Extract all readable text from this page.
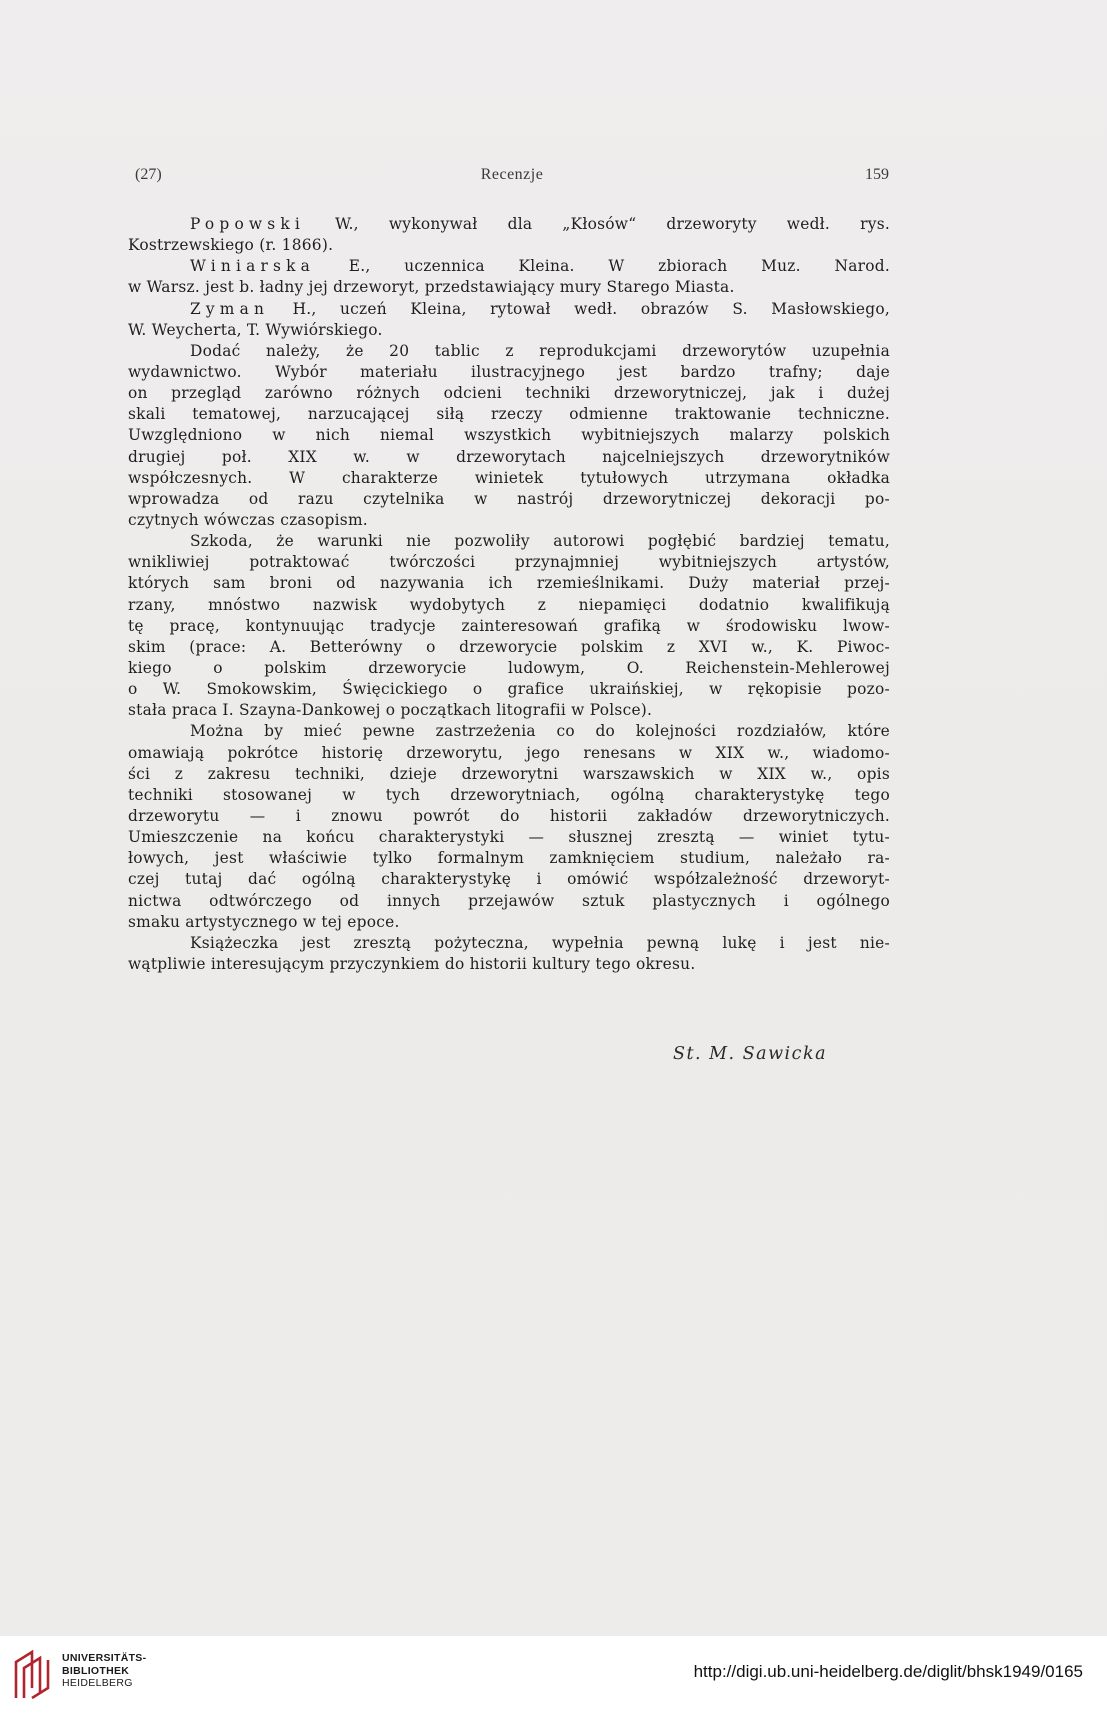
(27)	Recenzje	159
Popowski W., wykonywał dla „Kłosów“ drzeworyty wedł. rys.
Kostrzewskiego (r. 1866).
Winiarska E., uczennica Kleina. W zbiorach Muz. Narod.
w Warsz. jest b. ładny jej drzeworyt, przedstawiający mury Starego Miasta.
Zyman H., uczeń Kleina, rytował wedł. obrazów S. Masłowskiego,
W. Weycherta, T. Wywiórskiego.
Dodać należy, że 20 tablic z reprodukcjami drzeworytów uzupełnia
wydawnictwo. Wybór materiału ilustracyjnego jest bardzo trafny; daje
on przegląd zarówno różnych odcieni techniki drzeworytniczej, jak i dużej
skali tematowej, narzucającej siłą rzeczy odmienne traktowanie techniczne.
Uwzględniono w nich niemal wszystkich wybitniejszych malarzy polskich
drugiej poł. XIX w. w drzeworytach najcelniejszych drzeworytników
współczesnych. W charakterze winietek tytułowych utrzymana okładka
wprowadza od razu czytelnika w nastrój drzeworytniczej dekoracji po-
czytnych wówczas czasopism.
Szkoda, że warunki nie pozwoliły autorowi pogłębić bardziej tematu,
wnikliwiej potraktować twórczości przynajmniej wybitniejszych artystów,
których sam broni od nazywania ich rzemieślnikami. Duży materiał przej-
rzany, mnóstwo nazwisk wydobytych z niepamięci dodatnio kwalifikują
tę pracę, kontynuując tradycje zainteresowań grafiką w środowisku lwow-
skim (prace: A. Betterówny o drzeworycie polskim z XVI w., K. Piwoc-
kiego o polskim drzeworycie ludowym, O. Reichenstein-Mehlerowej
o W. Smokowskim, Święcickiego o grafice ukraińskiej, w rękopisie pozo-
stała praca I. Szayna-Dankowej o początkach litografii w Polsce).
Można by mieć pewne zastrzeżenia co do kolejności rozdziałów, które
omawiają pokrótce historię drzeworytu, jego renesans w XIX w., wiadomo-
ści z zakresu techniki, dzieje drzeworytni warszawskich w XIX w., opis
techniki stosowanej w tych drzeworytniach, ogólną charakterystykę tego
drzeworytu — i znowu powrót do historii zakładów drzeworytniczych.
Umieszczenie na końcu charakterystyki — słusznej zresztą — winiet tytu-
łowych, jest właściwie tylko formalnym zamknięciem studium, należało ra-
czej tutaj dać ogólną charakterystykę i omówić współzależność drzeworyt-
nictwa odtwórczego od innych przejawów sztuk plastycznych i ogólnego
smaku artystycznego w tej epoce.
Książeczka jest zresztą pożyteczna, wypełnia pewną lukę i jest nie-
wątpliwie interesującym przyczynkiem do historii kultury tego okresu.
St. M. Sawicka
UNIVERSITÄTS-
BIBLIOTHEK
HEIDELBERG
http://digi.ub.uni-heidelberg.de/diglit/bhsk1949/0165
